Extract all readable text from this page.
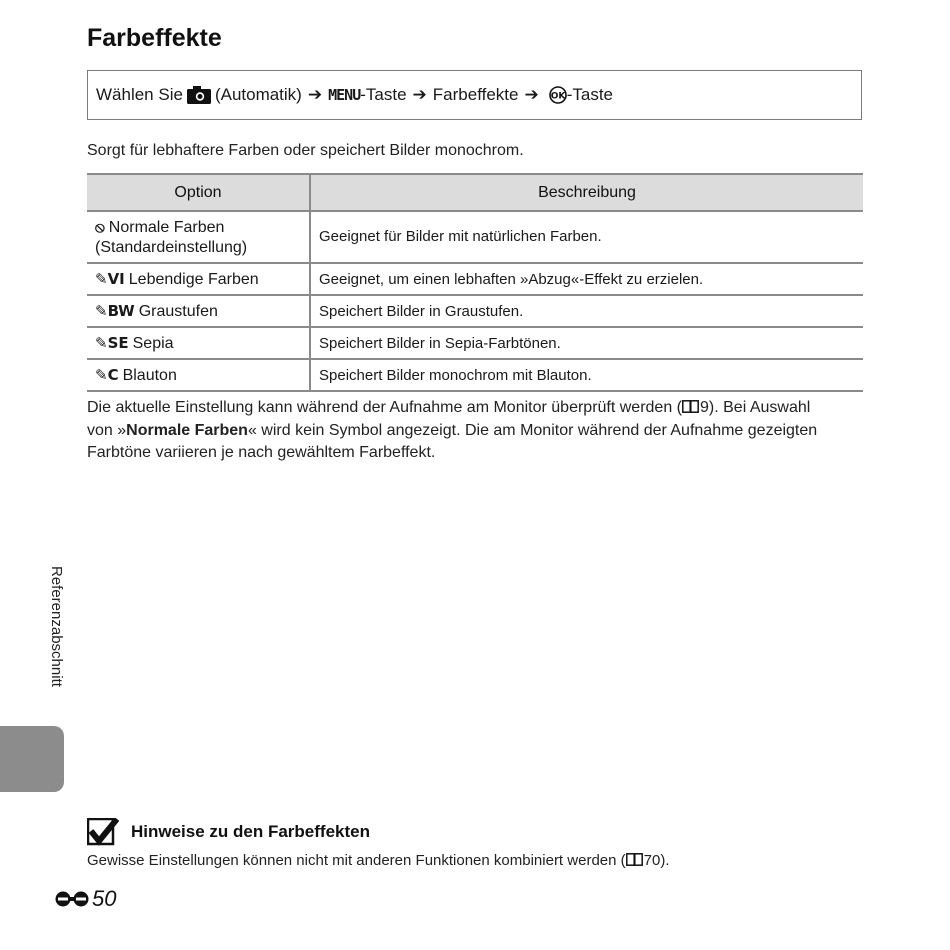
Farbeffekte
Wählen Sie (Automatik) ➔ MENU -Taste ➔ Farbeffekte ➔ OK -Taste
Sorgt für lebhaftere Farben oder speichert Bilder monochrom.
Option	Beschreibung
⦸ Normale Farben
(Standardeinstellung)	Geeignet für Bilder mit natürlichen Farben.
✎VI Lebendige Farben	Geeignet, um einen lebhaften »Abzug«-Effekt zu erzielen.
✎BW Graustufen	Speichert Bilder in Graustufen.
✎SE Sepia	Speichert Bilder in Sepia-Farbtönen.
✎C Blauton	Speichert Bilder monochrom mit Blauton.
Die aktuelle Einstellung kann während der Aufnahme am Monitor überprüft werden ( 9). Bei Auswahl von »Normale Farben« wird kein Symbol angezeigt. Die am Monitor während der Aufnahme gezeigten Farbtöne variieren je nach gewähltem Farbeffekt.
Referenzabschnitt
Hinweise zu den Farbeffekten
Gewisse Einstellungen können nicht mit anderen Funktionen kombiniert werden ( 70).
50
